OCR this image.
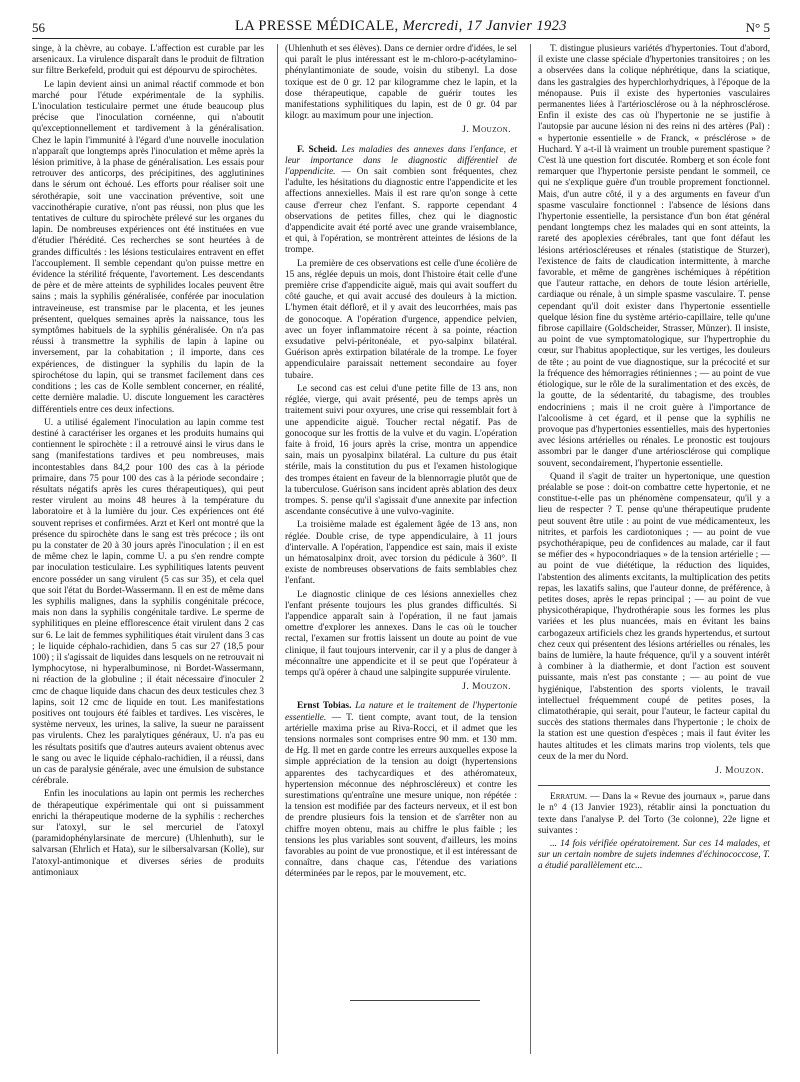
56	LA PRESSE MÉDICALE, Mercredi, 17 Janvier 1923	N° 5

singe, à la chèvre, au cobaye. L'affection est curable par les arsenicaux. La virulence disparaît dans le produit de filtration sur filtre Berkefeld, produit qui est dépourvu de spirochètes.

Le lapin devient ainsi un animal réactif commode et bon marché pour l'étude expérimentale de la syphilis. L'inoculation testiculaire permet une étude beaucoup plus précise que l'inoculation cornéenne, qui n'aboutit qu'exceptionnellement et tardivement à la généralisation. Chez le lapin l'immunité à l'égard d'une nouvelle inoculation n'apparaît que longtemps après l'inoculation et même après la lésion primitive, à la phase de généralisation. Les essais pour retrouver des anticorps, des précipitines, des agglutinines dans le sérum ont échoué. Les efforts pour réaliser soit une sérothérapie, soit une vaccination préventive, soit une vaccinothérapie curative, n'ont pas réussi, non plus que les tentatives de culture du spirochète prélevé sur les organes du lapin. De nombreuses expériences ont été instituées en vue d'étudier l'hérédité. Ces recherches se sont heurtées à de grandes difficultés : les lésions testiculaires entravent en effet l'accouplement. Il semble cependant qu'on puisse mettre en évidence la stérilité fréquente, l'avortement. Les descendants de père et de mère atteints de syphilides locales peuvent être sains ; mais la syphilis généralisée, conférée par inoculation intraveineuse, est transmise par le placenta, et les jeunes présentent, quelques semaines après la naissance, tous les symptômes habituels de la syphilis généralisée. On n'a pas réussi à transmettre la syphilis de lapin à lapine ou inversement, par la cohabitation ; il importe, dans ces expériences, de distinguer la syphilis du lapin de la spirochétose du lapin, qui se transmet facilement dans ces conditions ; les cas de Kolle semblent concerner, en réalité, cette dernière maladie. U. discute longuement les caractères différentiels entre ces deux infections.

U. a utilisé également l'inoculation au lapin comme test destiné à caractériser les organes et les produits humains qui contiennent le spirochète : il a retrouvé ainsi le virus dans le sang (manifestations tardives et peu nombreuses, mais incontestables dans 84,2 pour 100 des cas à la période primaire, dans 75 pour 100 des cas à la période secondaire ; résultats négatifs après les cures thérapeutiques), qui peut rester virulent au moins 48 heures à la température du laboratoire et à la lumière du jour. Ces expériences ont été souvent reprises et confirmées. Arzt et Kerl ont montré que la présence du spirochète dans le sang est très précoce ; ils ont pu la constater de 20 à 30 jours après l'inoculation ; il en est de même chez le lapin, comme U. a pu s'en rendre compte par inoculation testiculaire. Les syphilitiques latents peuvent encore posséder un sang virulent (5 cas sur 35), et cela quel que soit l'état du Bordet-Wassermann. Il en est de même dans les syphilis malignes, dans la syphilis congénitale précoce, mais non dans la syphilis congénitale tardive. Le sperme de syphilitiques en pleine efflorescence était virulent dans 2 cas sur 6. Le lait de femmes syphilitiques était virulent dans 3 cas ; le liquide céphalo-rachidien, dans 5 cas sur 27 (18,5 pour 100) ; il s'agissait de liquides dans lesquels on ne retrouvait ni lymphocytose, ni hyperalbuminose, ni Bordet-Wassermann, ni réaction de la globuline ; il était nécessaire d'inoculer 2 cmc de chaque liquide dans chacun des deux testicules chez 3 lapins, soit 12 cmc de liquide en tout. Les manifestations positives ont toujours été faibles et tardives. Les viscères, le système nerveux, les urines, la salive, la sueur ne paraissent pas virulents. Chez les paralytiques généraux, U. n'a pas eu les résultats positifs que d'autres auteurs avaient obtenus avec le sang ou avec le liquide céphalo-rachidien, il a réussi, dans un cas de paralysie générale, avec une émulsion de substance cérébrale.

Enfin les inoculations au lapin ont permis les recherches de thérapeutique expérimentale qui ont si puissamment enrichi la thérapeutique moderne de la syphilis : recherches sur l'atoxyl, sur le sel mercuriel de l'atoxyl (paramidophénylarsinate de mercure) (Uhlenhuth), sur le salvarsan (Ehrlich et Hata), sur le silbersalvarsan (Kolle), sur l'atoxyl-antimonique et diverses séries de produits antimoniaux

(Uhlenhuth et ses élèves). Dans ce dernier ordre d'idées, le sel qui paraît le plus intéressant est le m-chloro-p-acétylamino-phénylantimoniate de soude, voisin du stibenyl. La dose toxique est de 0 gr. 12 par kilogramme chez le lapin, et la dose thérapeutique, capable de guérir toutes les manifestations syphilitiques du lapin, est de 0 gr. 04 par kilogr. au maximum pour une injection.

J. Mouzon.

F. Scheid. Les maladies des annexes dans l'enfance, et leur importance dans le diagnostic différentiel de l'appendicite. — On sait combien sont fréquentes, chez l'adulte, les hésitations du diagnostic entre l'appendicite et les affections annexielles. Mais il est rare qu'on songe à cette cause d'erreur chez l'enfant. S. rapporte cependant 4 observations de petites filles, chez qui le diagnostic d'appendicite avait été porté avec une grande vraisemblance, et qui, à l'opération, se montrèrent atteintes de lésions de la trompe.

La première de ces observations est celle d'une écolière de 15 ans, réglée depuis un mois, dont l'histoire était celle d'une première crise d'appendicite aiguë, mais qui avait souffert du côté gauche, et qui avait accusé des douleurs à la miction. L'hymen était déflorê, et il y avait des leucorrhées, mais pas de gonocoque. A l'opération d'urgence, appendice pelvien, avec un foyer inflammatoire récent à sa pointe, réaction exsudative pelvi-péritonéale, et pyo-salpinx bilatéral. Guérison après extirpation bilatérale de la trompe. Le foyer appendiculaire paraissait nettement secondaire au foyer tubaire.

Le second cas est celui d'une petite fille de 13 ans, non réglée, vierge, qui avait présenté, peu de temps après un traitement suivi pour oxyures, une crise qui ressemblait fort à une appendicite aiguë. Toucher rectal négatif. Pas de gonocoque sur les frottis de la vulve et du vagin. L'opération faite à froid, 16 jours après la crise, montra un appendice sain, mais un pyosalpinx bilatéral. La culture du pus était stérile, mais la constitution du pus et l'examen histologique des trompes étaient en faveur de la blennorragie plutôt que de la tuberculose. Guérison sans incident après ablation des deux trompes. S. pense qu'il s'agissait d'une annexite par infection ascendante consécutive à une vulvo-vaginite.

La troisième malade est également âgée de 13 ans, non réglée. Double crise, de type appendiculaire, à 11 jours d'intervalle. A l'opération, l'appendice est sain, mais il existe un hématosalpinx droit, avec torsion du pédicule à 360°. Il existe de nombreuses observations de faits semblables chez l'enfant.

Le diagnostic clinique de ces lésions annexielles chez l'enfant présente toujours les plus grandes difficultés. Si l'appendice apparaît sain à l'opération, il ne faut jamais omettre d'explorer les annexes. Dans le cas où le toucher rectal, l'examen sur frottis laissent un doute au point de vue clinique, il faut toujours intervenir, car il y a plus de danger à méconnaître une appendicite et il se peut que l'opérateur à temps qu'à opérer à chaud une salpingite suppurée virulente.

J. Mouzon.

Ernst Tobias. La nature et le traitement de l'hypertonie essentielle. — T. tient compte, avant tout, de la tension artérielle maxima prise au Riva-Rocci, et il admet que les tensions normales sont comprises entre 90 mm. et 130 mm. de Hg. Il met en garde contre les erreurs auxquelles expose la simple appréciation de la tension au doigt (hypertensions apparentes des tachycardiques et des athéromateux, hypertension méconnue des néphroscléreux) et contre les surestimations qu'entraîne une mesure unique, non répétée : la tension est modifiée par des facteurs nerveux, et il est bon de prendre plusieurs fois la tension et de s'arrêter non au chiffre moyen obtenu, mais au chiffre le plus faible ; les tensions les plus variables sont souvent, d'ailleurs, les moins favorables au point de vue pronostique, et il est intéressant de connaître, dans chaque cas, l'étendue des variations déterminées par le repos, par le mouvement, etc.

T. distingue plusieurs variétés d'hypertonies. Tout d'abord, il existe une classe spéciale d'hypertonies transitoires ; on les a observées dans la colique néphrétique, dans la sciatique, dans les gastralgies des hyperchlorhydriques, à l'époque de la ménopause. Puis il existe des hypertonies vasculaires permanentes liées à l'artériosclérose ou à la néphrosclérose. Enfin il existe des cas où l'hypertonie ne se justifie à l'autopsie par aucune lésion ni des reins ni des artères (Pal) : « hypertonie essentielle » de Franck, « présclérose » de Huchard. Y a-t-il là vraiment un trouble purement spastique ? C'est là une question fort discutée. Romberg et son école font remarquer que l'hypertonie persiste pendant le sommeil, ce qui ne s'explique guère d'un trouble proprement fonctionnel. Mais, d'un autre côté, il y a des arguments en faveur d'un spasme vasculaire fonctionnel : l'absence de lésions dans l'hypertonie essentielle, la persistance d'un bon état général pendant longtemps chez les malades qui en sont atteints, la rareté des apoplexies cérébrales, tant que font défaut les lésions artérioscléreuses et rénales (statistique de Sturzer), l'existence de faits de claudication intermittente, à marche favorable, et même de gangrènes ischémiques à répétition que l'auteur rattache, en dehors de toute lésion artérielle, cardiaque ou rénale, à un simple spasme vasculaire. T. pense cependant qu'il doit exister dans l'hypertonie essentielle quelque lésion fine du système artério-capillaire, telle qu'une fibrose capillaire (Goldscheider, Strasser, Münzer). Il insiste, au point de vue symptomatologique, sur l'hypertrophie du cœur, sur l'habitus apoplectique, sur les vertiges, les douleurs de tête ; au point de vue diagnostique, sur la précocité et sur la fréquence des hémorragies rétiniennes ; — au point de vue étiologique, sur le rôle de la suralimentation et des excès, de la goutte, de la sédentarité, du tabagisme, des troubles endocriniens ; mais il ne croit guère à l'importance de l'alcoolisme à cet égard, et il pense que la syphilis ne provoque pas d'hypertonies essentielles, mais des hypertonies avec lésions artérielles ou rénales. Le pronostic est toujours assombri par le danger d'une artériosclérose qui complique souvent, secondairement, l'hypertonie essentielle.

Quand il s'agit de traiter un hypertonique, une question préalable se pose : doit-on combattre cette hypertonie, et ne constitue-t-elle pas un phénomène compensateur, qu'il y a lieu de respecter ? T. pense qu'une thérapeutique prudente peut souvent être utile : au point de vue médicamenteux, les nitrites, et parfois les cardiotoniques ; — au point de vue psychothérapique, peu de confidences au malade, car il faut se méfier des « hypocondriaques » de la tension artérielle ; — au point de vue diététique, la réduction des liquides, l'abstention des aliments excitants, la multiplication des petits repas, les laxatifs salins, que l'auteur donne, de préférence, à petites doses, après le repas principal ; — au point de vue physicothérapique, l'hydrothérapie sous les formes les plus variées et les plus nuancées, mais en évitant les bains carbogazeux artificiels chez les grands hypertendus, et surtout chez ceux qui présentent des lésions artérielles ou rénales, les bains de lumière, la haute fréquence, qu'il y a souvent intérêt à combiner à la diathermie, et dont l'action est souvent puissante, mais n'est pas constante ; — au point de vue hygiénique, l'abstention des sports violents, le travail intellectuel fréquemment coupé de petites poses, la climatothérapie, qui serait, pour l'auteur, le facteur capital du succès des stations thermales dans l'hypertonie ; le choix de la station est une question d'espèces ; mais il faut éviter les hautes altitudes et les climats marins trop violents, tels que ceux de la mer du Nord.

J. Mouzon.

Erratum. — Dans la « Revue des journaux », parue dans le n° 4 (13 Janvier 1923), rétablir ainsi la ponctuation du texte dans l'analyse P. del Torto (3e colonne), 22e ligne et suivantes :

... 14 fois vérifiée opératoirement. Sur ces 14 malades, et sur un certain nombre de sujets indemnes d'échinococcose, T. a étudié parallèlement etc...
